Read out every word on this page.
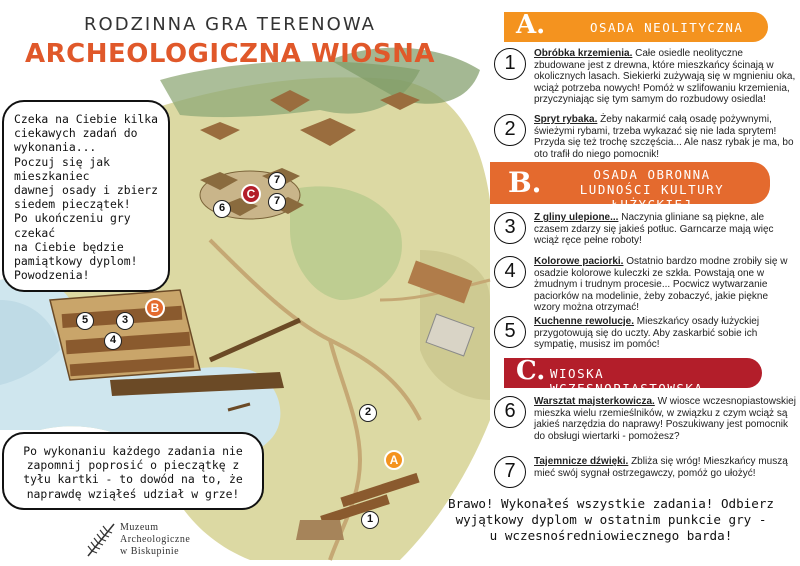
RODZINNA GRA TERENOWA
ARCHEOLOGICZNA WIOSNA
Czeka na Ciebie kilka
ciekawych zadań do
wykonania...
Poczuj się jak mieszkaniec
dawnej osady i zbierz
siedem pieczątek!
Po ukończeniu gry czekać
na Ciebie będzie
pamiątkowy dyplom!
Powodzenia!
Po wykonaniu każdego zadania nie zapomnij poprosić o pieczątkę z tyłu kartki - to dowód na to, że naprawdę wziąłeś udział w grze!
C
7
7
6
B
5	3
4
2
A
1
Muzeum
Archeologiczne
w Biskupinie
A.	OSADA NEOLITYCZNA
1	Obróbka krzemienia. Całe osiedle neolityczne zbudowane jest z drewna, które mieszkańcy ścinają w okolicznych lasach. Siekierki zużywają się w mgnieniu oka, wciąż potrzeba nowych! Pomóż w szlifowaniu krzemienia, przyczyniając się tym samym do rozbudowy osiedla!
2	Spryt rybaka. Żeby nakarmić całą osadę pożywnymi, świeżymi rybami, trzeba wykazać się nie lada sprytem! Przyda się też trochę szczęścia... Ale nasz rybak je ma, bo oto trafił do niego pomocnik!
B.	OSADA OBRONNA
LUDNOŚCI KULTURY ŁUŻYCKIEJ
3	Z gliny ulepione... Naczynia gliniane są piękne, ale czasem zdarzy się jakieś potłuc. Garncarze mają więc wciąż ręce pełne roboty!
4	Kolorowe paciorki. Ostatnio bardzo modne zrobiły się w osadzie kolorowe kuleczki ze szkła. Powstają one w żmudnym i trudnym procesie... Pocwicz wytwarzanie paciorków na modelinie, żeby zobaczyć, jakie piękne wzory można otrzymać!
5	Kuchenne rewolucje. Mieszkańcy osady łużyckiej przygotowują się do uczty. Aby zaskarbić sobie ich sympatię, musisz im pomóc!
C. WIOSKA WCZESNOPIASTOWSKA
6	Warsztat majsterkowicza. W wiosce wczesnopiastowskiej mieszka wielu rzemieślników, w związku z czym wciąż są jakieś narzędzia do naprawy! Poszukiwany jest pomocnik do obsługi wiertarki - pomożesz?
7	Tajemnicze dźwięki. Zbliża się wróg! Mieszkańcy muszą mieć swój sygnał ostrzegawczy, pomóż go ułożyć!
Brawo! Wykonałeś wszystkie zadania! Odbierz
wyjątkowy dyplom w ostatnim punkcie gry -
u wczesnośredniowiecznego barda!
